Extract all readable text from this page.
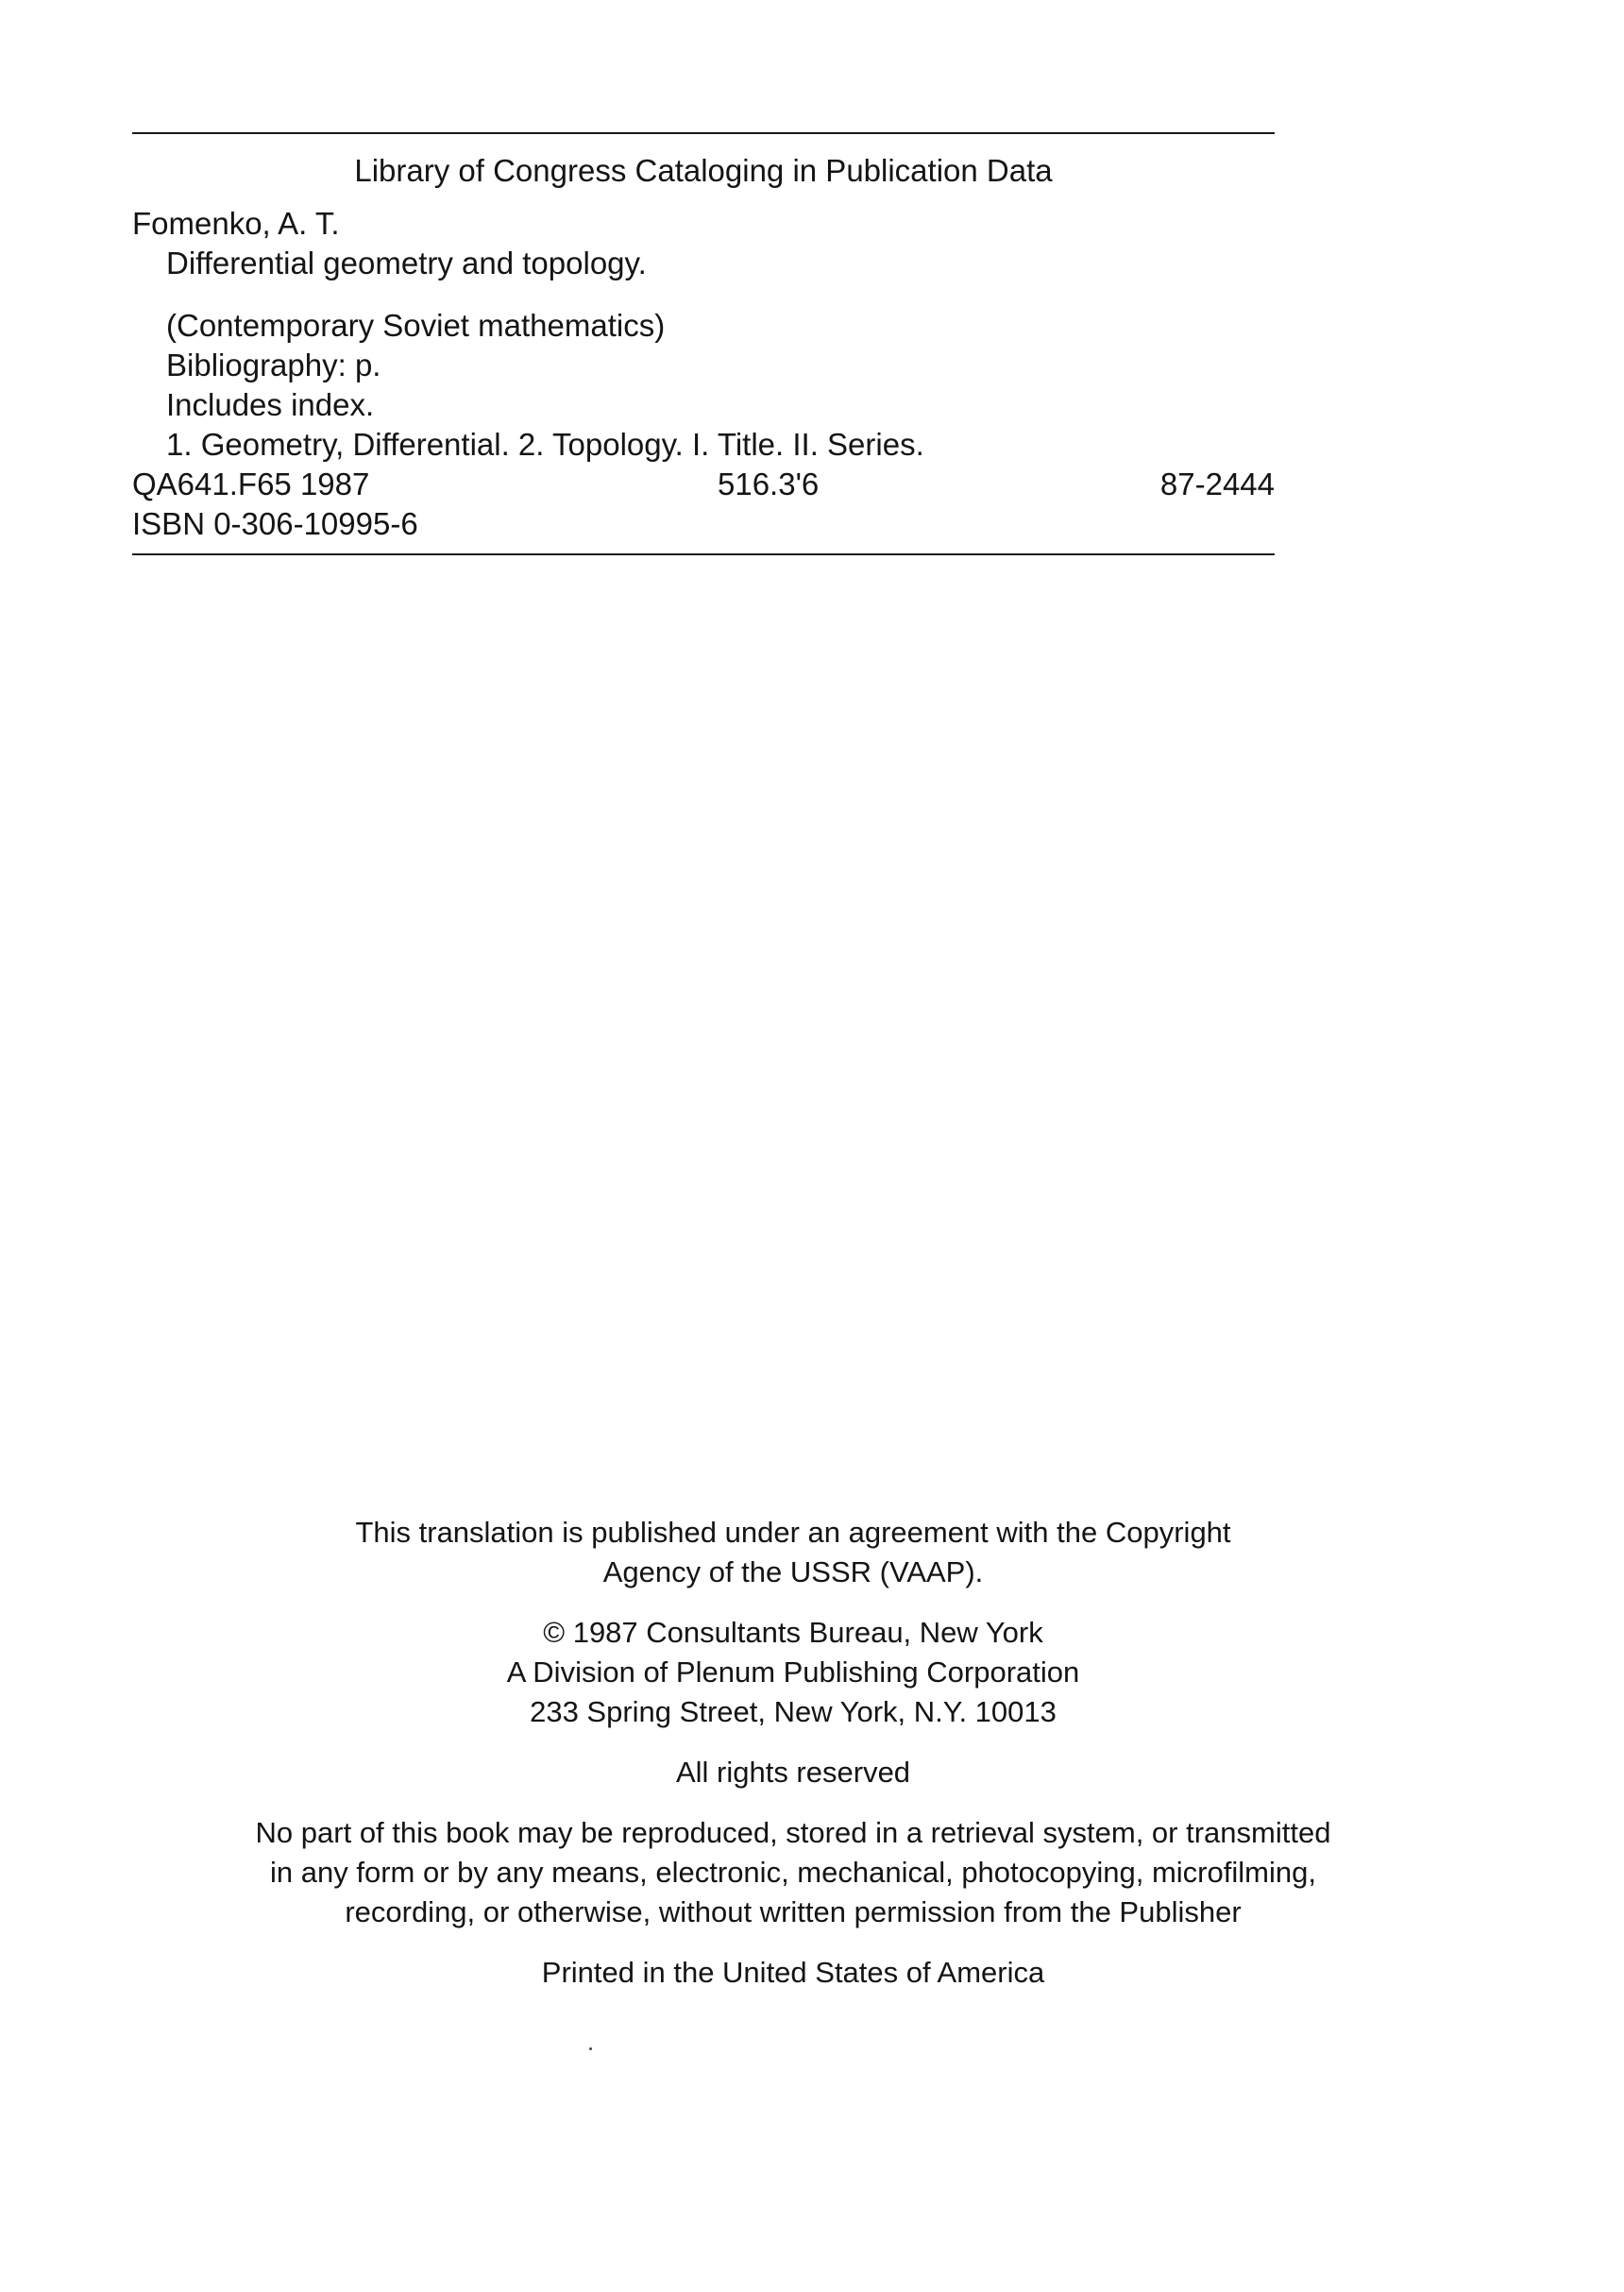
Library of Congress Cataloging in Publication Data
Fomenko, A. T.
Differential geometry and topology.
(Contemporary Soviet mathematics)
Bibliography: p.
Includes index.
1. Geometry, Differential. 2. Topology. I. Title. II. Series.
QA641.F65 1987	516.3'6	87-2444
ISBN 0-306-10995-6

This translation is published under an agreement with the Copyright

Agency of the USSR (VAAP).

© 1987 Consultants Bureau, New York

A Division of Plenum Publishing Corporation

233 Spring Street, New York, N.Y. 10013

All rights reserved

No part of this book may be reproduced, stored in a retrieval system, or transmitted

in any form or by any means, electronic, mechanical, photocopying, microfilming,

recording, or otherwise, without written permission from the Publisher

Printed in the United States of America
